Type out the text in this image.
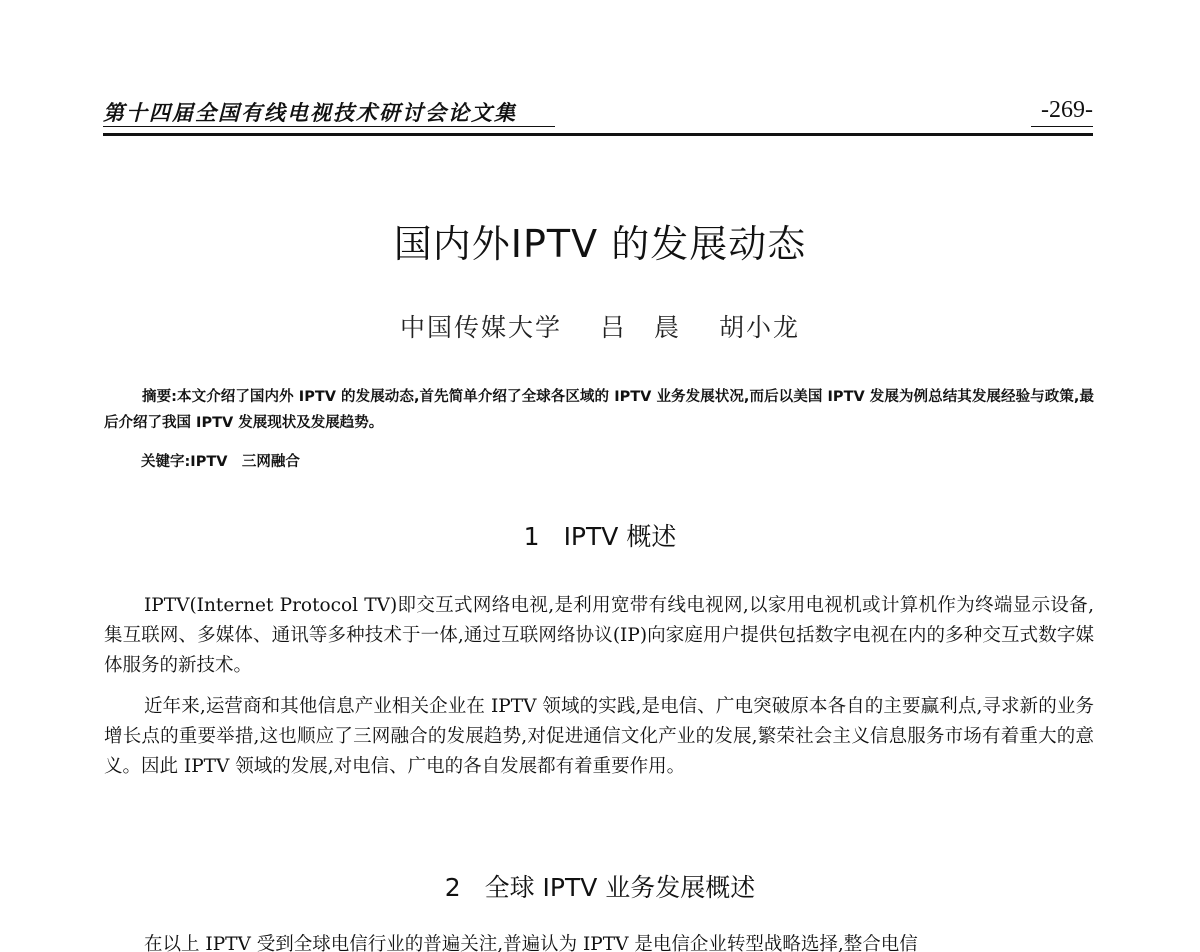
第十四届全国有线电视技术研讨会论文集	-269-
国内外IPTV 的发展动态
中国传媒大学 吕　晨 胡小龙
摘要:本文介绍了国内外 IPTV 的发展动态,首先简单介绍了全球各区域的 IPTV 业务发展状况,而后以美国 IPTV 发展为例总结其发展经验与政策,最后介绍了我国 IPTV 发展现状及发展趋势。
关键字:IPTV　三网融合
1 IPTV 概述
IPTV(Internet Protocol TV)即交互式网络电视,是利用宽带有线电视网,以家用电视机或计算机作为终端显示设备,集互联网、多媒体、通讯等多种技术于一体,通过互联网络协议(IP)向家庭用户提供包括数字电视在内的多种交互式数字媒体服务的新技术。
近年来,运营商和其他信息产业相关企业在 IPTV 领域的实践,是电信、广电突破原本各自的主要赢利点,寻求新的业务增长点的重要举措,这也顺应了三网融合的发展趋势,对促进通信文化产业的发展,繁荣社会主义信息服务市场有着重大的意义。因此 IPTV 领域的发展,对电信、广电的各自发展都有着重要作用。
2 全球 IPTV 业务发展概述
在以上 IPTV 受到全球电信行业的普遍关注,普遍认为 IPTV 是电信企业转型战略选择,整合电信
